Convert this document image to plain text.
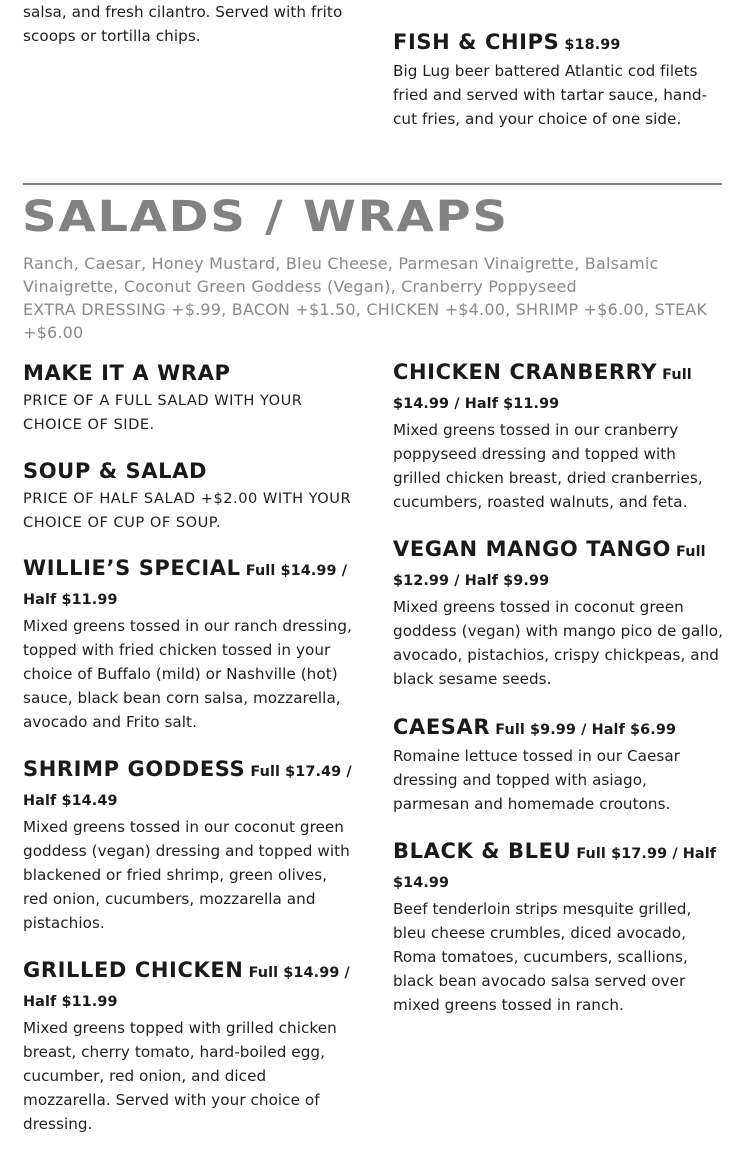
salsa, and fresh cilantro. Served with frito scoops or tortilla chips.	FISH & CHIPS $18.99

Big Lug beer battered Atlantic cod filets fried and served with tartar sauce, hand-cut fries, and your choice of one side.

SALADS / WRAPS

Ranch, Caesar, Honey Mustard, Bleu Cheese, Parmesan Vinaigrette, Balsamic Vinaigrette, Coconut Green Goddess (Vegan), Cranberry Poppyseed

EXTRA DRESSING +$.99, BACON +$1.50, CHICKEN +$4.00, SHRIMP +$6.00, STEAK +$6.00

MAKE IT A WRAP

PRICE OF A FULL SALAD WITH YOUR CHOICE OF SIDE.

SOUP & SALAD

PRICE OF HALF SALAD +$2.00 WITH YOUR CHOICE OF CUP OF SOUP.

WILLIE’S SPECIAL Full $14.99 / Half $11.99

Mixed greens tossed in our ranch dressing, topped with fried chicken tossed in your choice of Buffalo (mild) or Nashville (hot) sauce, black bean corn salsa, mozzarella, avocado and Frito salt.

SHRIMP GODDESS Full $17.49 / Half $14.49

Mixed greens tossed in our coconut green goddess (vegan) dressing and topped with blackened or fried shrimp, green olives, red onion, cucumbers, mozzarella and pistachios.

GRILLED CHICKEN Full $14.99 / Half $11.99

Mixed greens topped with grilled chicken breast, cherry tomato, hard-boiled egg, cucumber, red onion, and diced mozzarella. Served with your choice of dressing.

CHICKEN CRANBERRY Full $14.99 / Half $11.99

Mixed greens tossed in our cranberry poppyseed dressing and topped with grilled chicken breast, dried cranberries, cucumbers, roasted walnuts, and feta.

VEGAN MANGO TANGO Full $12.99 / Half $9.99

Mixed greens tossed in coconut green goddess (vegan) with mango pico de gallo, avocado, pistachios, crispy chickpeas, and black sesame seeds.

CAESAR Full $9.99 / Half $6.99

Romaine lettuce tossed in our Caesar dressing and topped with asiago, parmesan and homemade croutons.

BLACK & BLEU Full $17.99 / Half $14.99

Beef tenderloin strips mesquite grilled, bleu cheese crumbles, diced avocado, Roma tomatoes, cucumbers, scallions, black bean avocado salsa served over mixed greens tossed in ranch.
